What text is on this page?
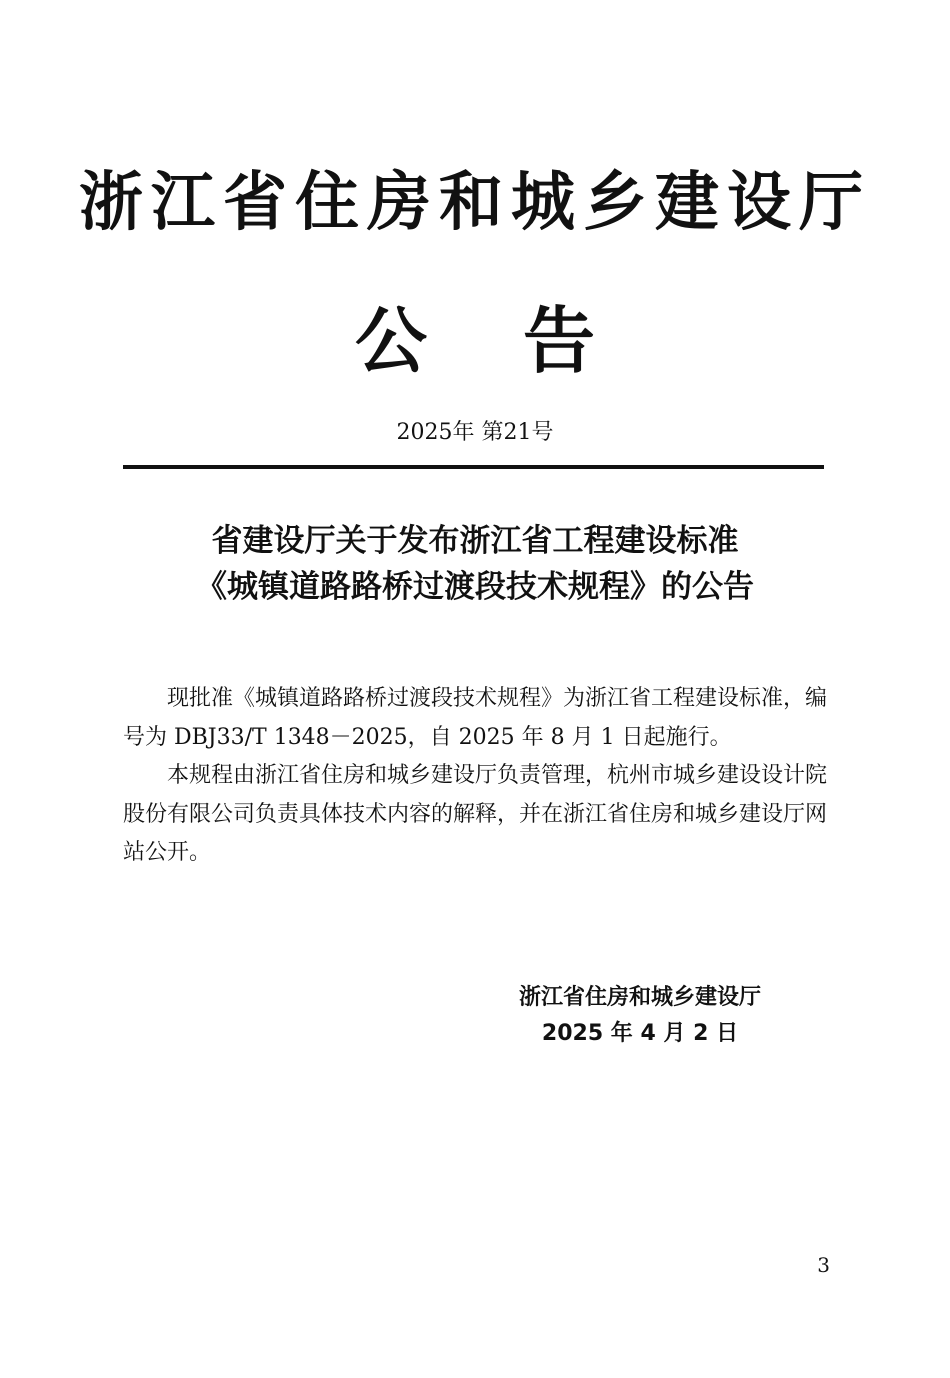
浙江省住房和城乡建设厅
公 告
2025年 第21号
省建设厅关于发布浙江省工程建设标准
《城镇道路路桥过渡段技术规程》的公告

现批准《城镇道路路桥过渡段技术规程》为浙江省工程建设标准，编号为 DBJ33/T 1348－2025，自 2025 年 8 月 1 日起施行。

本规程由浙江省住房和城乡建设厅负责管理，杭州市城乡建设设计院股份有限公司负责具体技术内容的解释，并在浙江省住房和城乡建设厅网站公开。

浙江省住房和城乡建设厅
2025 年 4 月 2 日
3
